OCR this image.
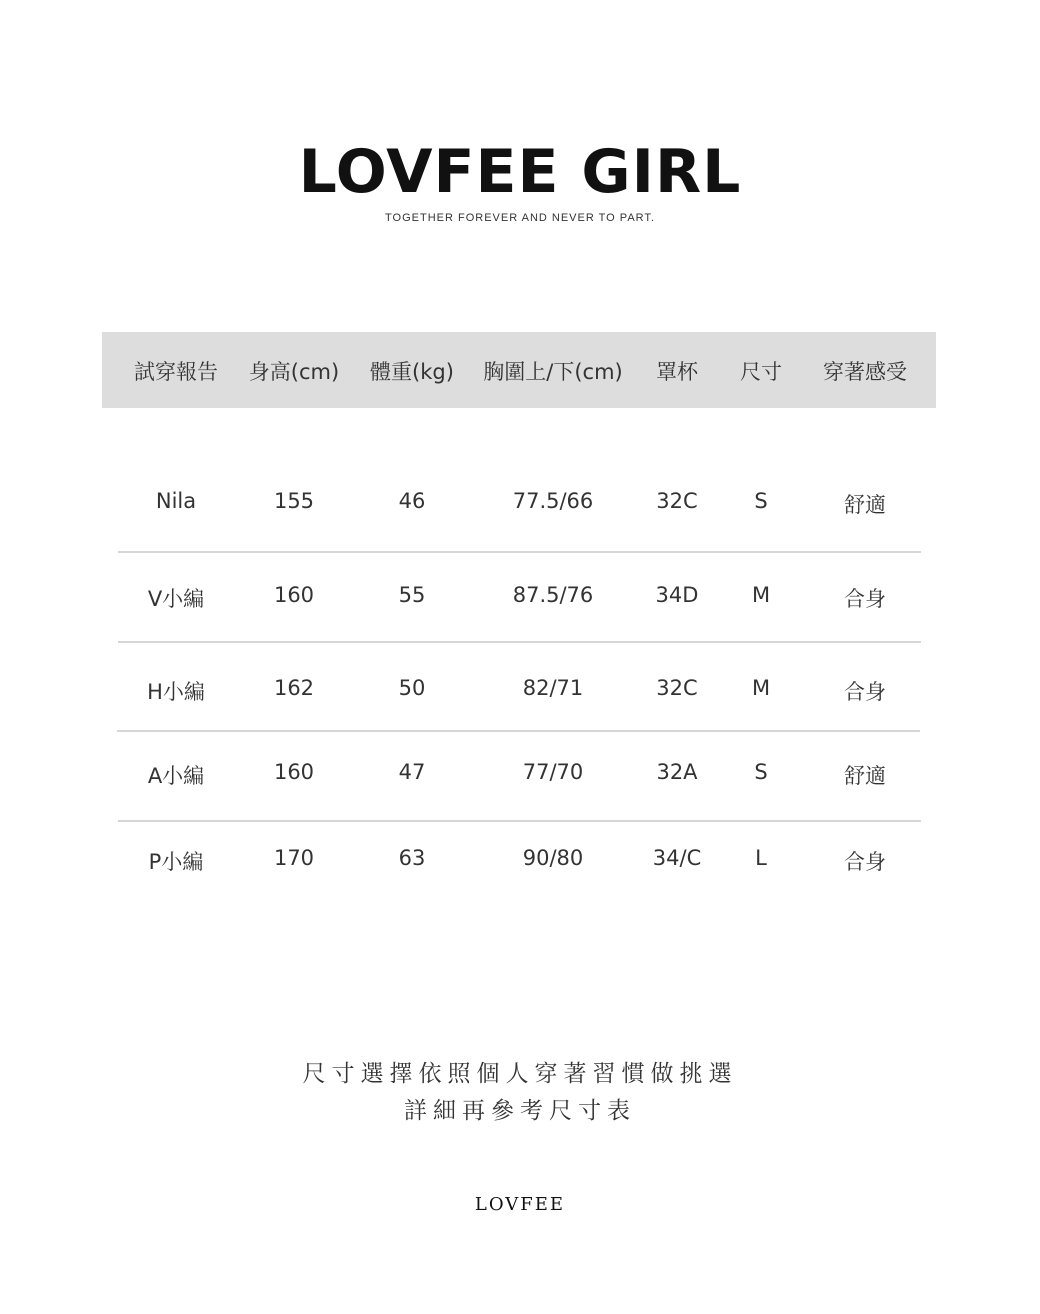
LOVFEE GIRL
TOGETHER FOREVER AND NEVER TO PART.
試穿報告 身高(cm) 體重(kg) 胸圍上/下(cm) 罩杯 尺寸 穿著感受
Nila	155	46	77.5/66	32C	S	舒適
V小編	160	55	87.5/76	34D	M	合身
H小編	162	50	82/71	32C	M	合身
A小編	160	47	77/70	32A	S	舒適
P小編	170	63	90/80	34/C	L	合身
尺寸選擇依照個人穿著習慣做挑選
詳細再參考尺寸表
LOVFEE
